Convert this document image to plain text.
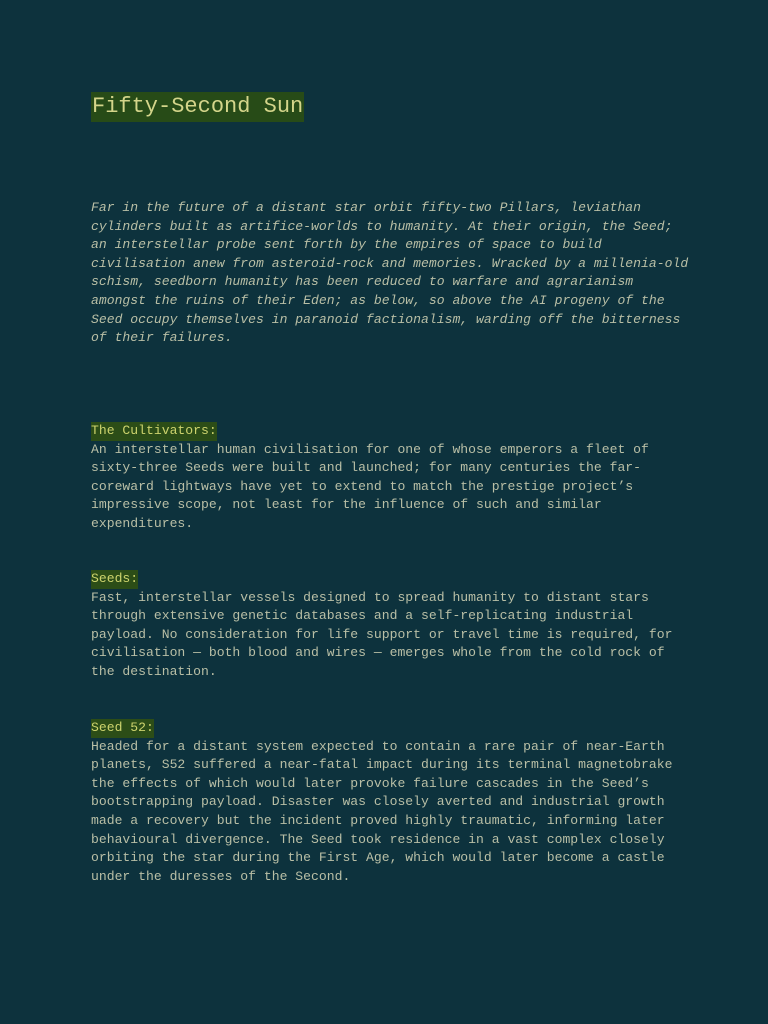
Fifty-Second Sun

Far in the future of a distant star orbit fifty-two Pillars, leviathan cylinders built as artifice-worlds to humanity. At their origin, the Seed; an interstellar probe sent forth by the empires of space to build civilisation anew from asteroid-rock and memories. Wracked by a millenia-old schism, seedborn humanity has been reduced to warfare and agrarianism amongst the ruins of their Eden; as below, so above the AI progeny of the Seed occupy themselves in paranoid factionalism, warding off the bitterness of their failures.

The Cultivators:

An interstellar human civilisation for one of whose emperors a fleet of sixty-three Seeds were built and launched; for many centuries the far-coreward lightways have yet to extend to match the prestige project’s impressive scope, not least for the influence of such and similar expenditures.

Seeds:

Fast, interstellar vessels designed to spread humanity to distant stars through extensive genetic databases and a self-replicating industrial payload. No consideration for life support or travel time is required, for civilisation — both blood and wires — emerges whole from the cold rock of the destination.

Seed 52:

Headed for a distant system expected to contain a rare pair of near-Earth planets, S52 suffered a near-fatal impact during its terminal magnetobrake the effects of which would later provoke failure cascades in the Seed’s bootstrapping payload. Disaster was closely averted and industrial growth made a recovery but the incident proved highly traumatic, informing later behavioural divergence. The Seed took residence in a vast complex closely orbiting the star during the First Age, which would later become a castle under the duresses of the Second.
